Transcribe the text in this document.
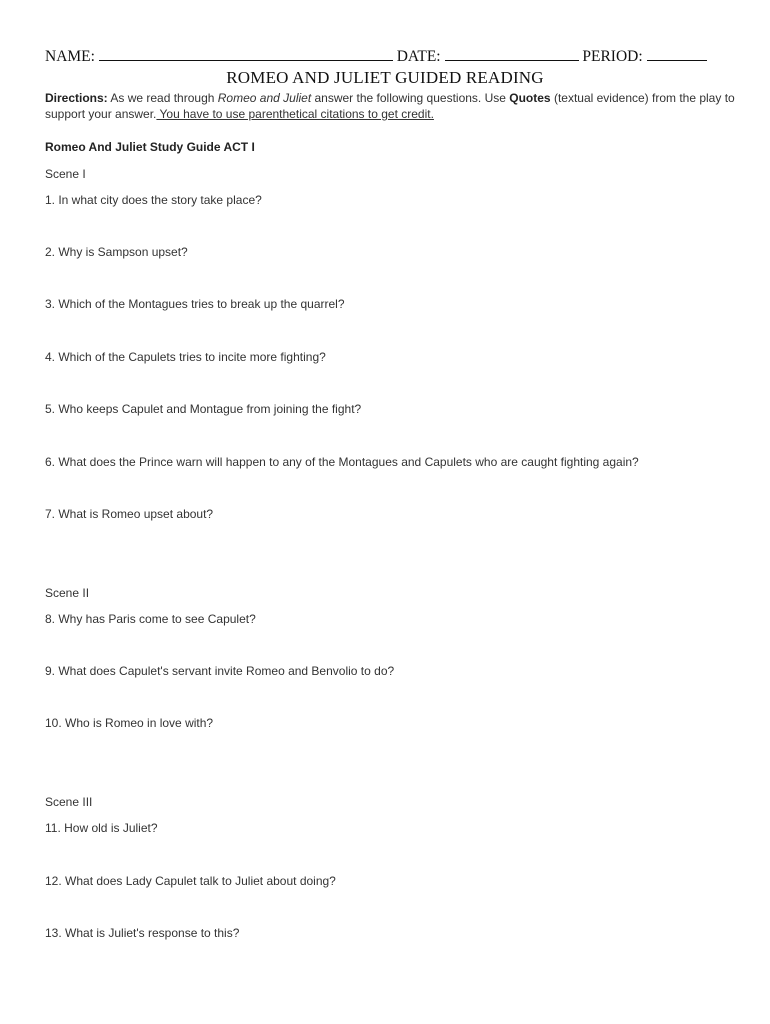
NAME:	DATE:	PERIOD:
ROMEO AND JULIET GUIDED READING
Directions: As we read through Romeo and Juliet answer the following questions. Use Quotes (textual evidence) from the play to support your answer. You have to use parenthetical citations to get credit.
Romeo And Juliet Study Guide ACT I
Scene I
1. In what city does the story take place?
2. Why is Sampson upset?
3. Which of the Montagues tries to break up the quarrel?
4. Which of the Capulets tries to incite more fighting?
5. Who keeps Capulet and Montague from joining the fight?
6. What does the Prince warn will happen to any of the Montagues and Capulets who are caught fighting again?
7. What is Romeo upset about?
Scene II
8. Why has Paris come to see Capulet?
9. What does Capulet's servant invite Romeo and Benvolio to do?
10. Who is Romeo in love with?
Scene III
11. How old is Juliet?
12. What does Lady Capulet talk to Juliet about doing?
13. What is Juliet's response to this?
